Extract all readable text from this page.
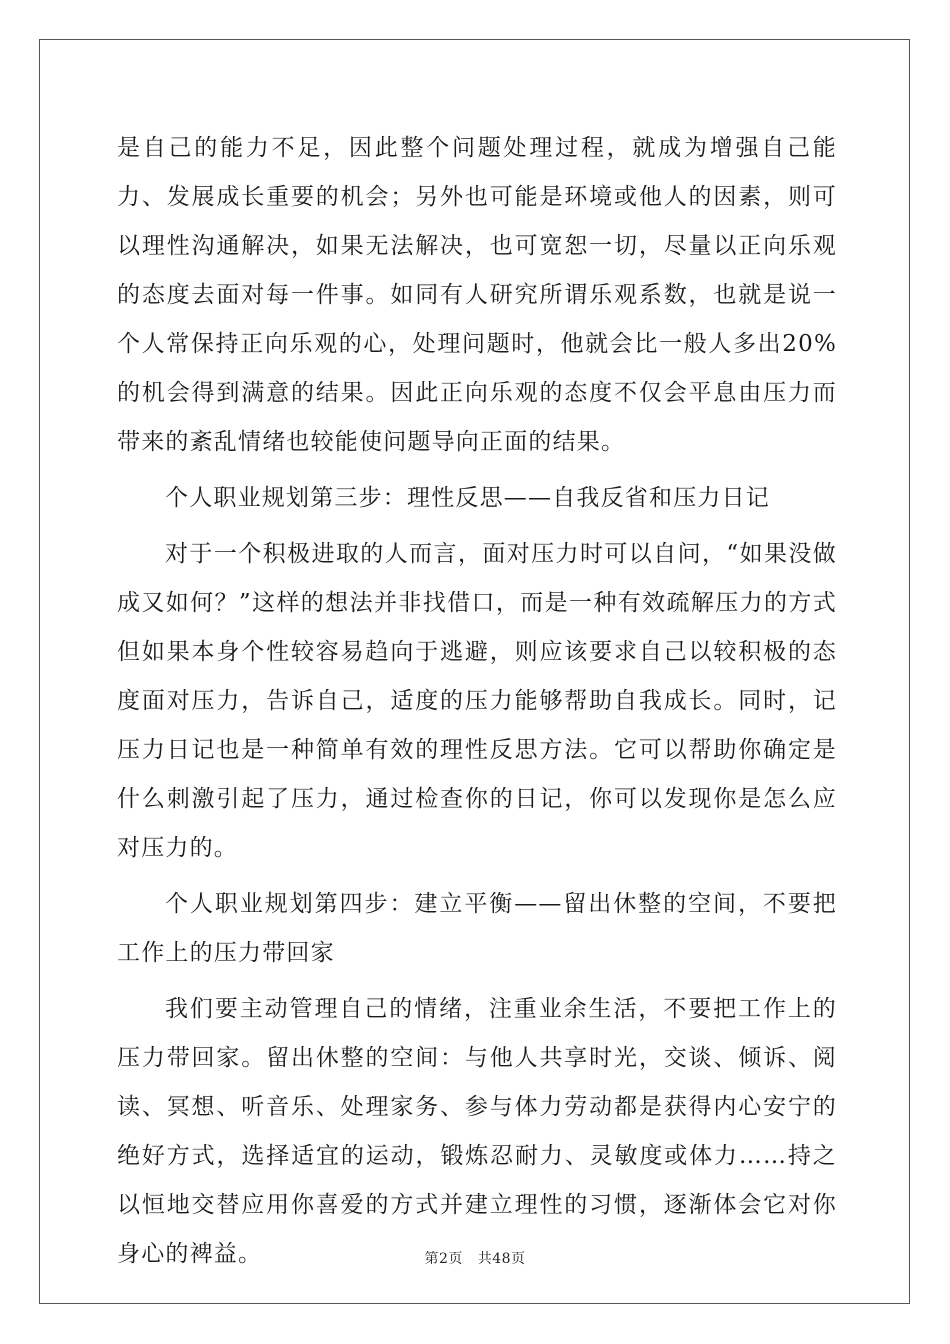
是自己的能力不足，因此整个问题处理过程，就成为增强自己能力、发展成长重要的机会；另外也可能是环境或他人的因素，则可以理性沟通解决，如果无法解决，也可宽恕一切，尽量以正向乐观的态度去面对每一件事。如同有人研究所谓乐观系数，也就是说一个人常保持正向乐观的心，处理问题时，他就会比一般人多出20%的机会得到满意的结果。因此正向乐观的态度不仅会平息由压力而带来的紊乱情绪也较能使问题导向正面的结果。

个人职业规划第三步：理性反思——自我反省和压力日记

对于一个积极进取的人而言，面对压力时可以自问，“如果没做成又如何？”这样的想法并非找借口，而是一种有效疏解压力的方式但如果本身个性较容易趋向于逃避，则应该要求自己以较积极的态度面对压力，告诉自己，适度的压力能够帮助自我成长。同时，记压力日记也是一种简单有效的理性反思方法。它可以帮助你确定是什么刺激引起了压力，通过检查你的日记，你可以发现你是怎么应对压力的。

个人职业规划第四步：建立平衡——留出休整的空间，不要把工作上的压力带回家

我们要主动管理自己的情绪，注重业余生活，不要把工作上的压力带回家。留出休整的空间：与他人共享时光，交谈、倾诉、阅读、冥想、听音乐、处理家务、参与体力劳动都是获得内心安宁的绝好方式，选择适宜的运动，锻炼忍耐力、灵敏度或体力……持之以恒地交替应用你喜爱的方式并建立理性的习惯，逐渐体会它对你身心的裨益。	第2页   共48页
